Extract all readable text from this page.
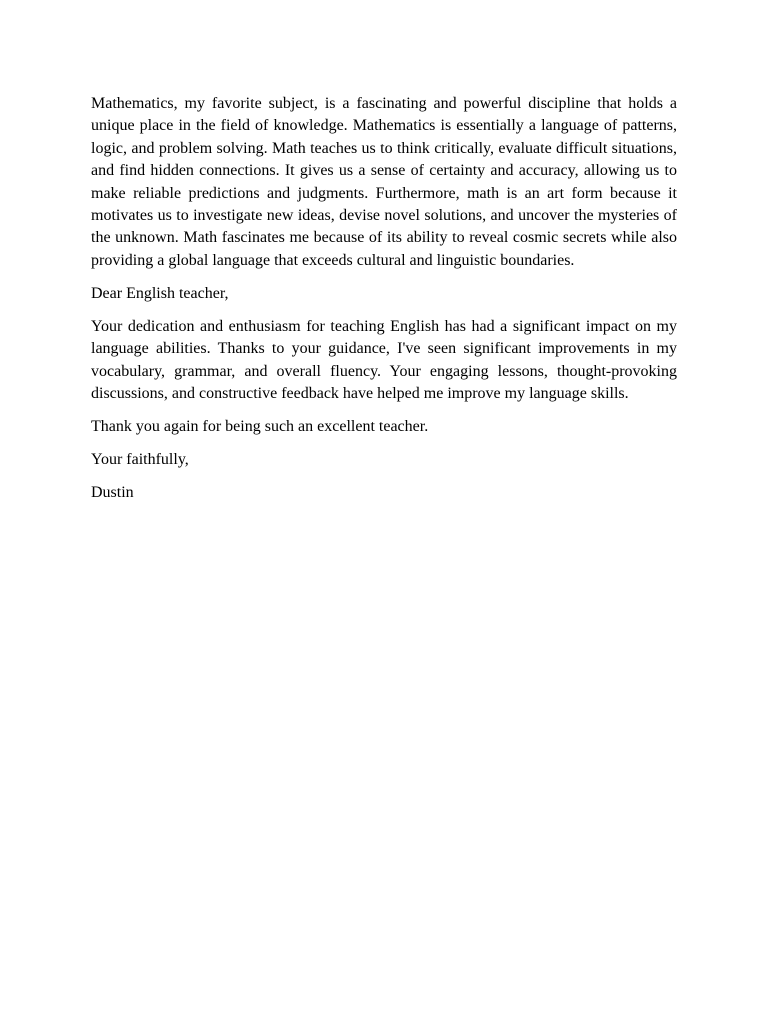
Mathematics, my favorite subject, is a fascinating and powerful discipline that holds a unique place in the field of knowledge. Mathematics is essentially a language of patterns, logic, and problem solving. Math teaches us to think critically, evaluate difficult situations, and find hidden connections. It gives us a sense of certainty and accuracy, allowing us to make reliable predictions and judgments. Furthermore, math is an art form because it motivates us to investigate new ideas, devise novel solutions, and uncover the mysteries of the unknown. Math fascinates me because of its ability to reveal cosmic secrets while also providing a global language that exceeds cultural and linguistic boundaries.

Dear English teacher,

Your dedication and enthusiasm for teaching English has had a significant impact on my language abilities. Thanks to your guidance, I've seen significant improvements in my vocabulary, grammar, and overall fluency. Your engaging lessons, thought-provoking discussions, and constructive feedback have helped me improve my language skills.

Thank you again for being such an excellent teacher.

Your faithfully,

Dustin
